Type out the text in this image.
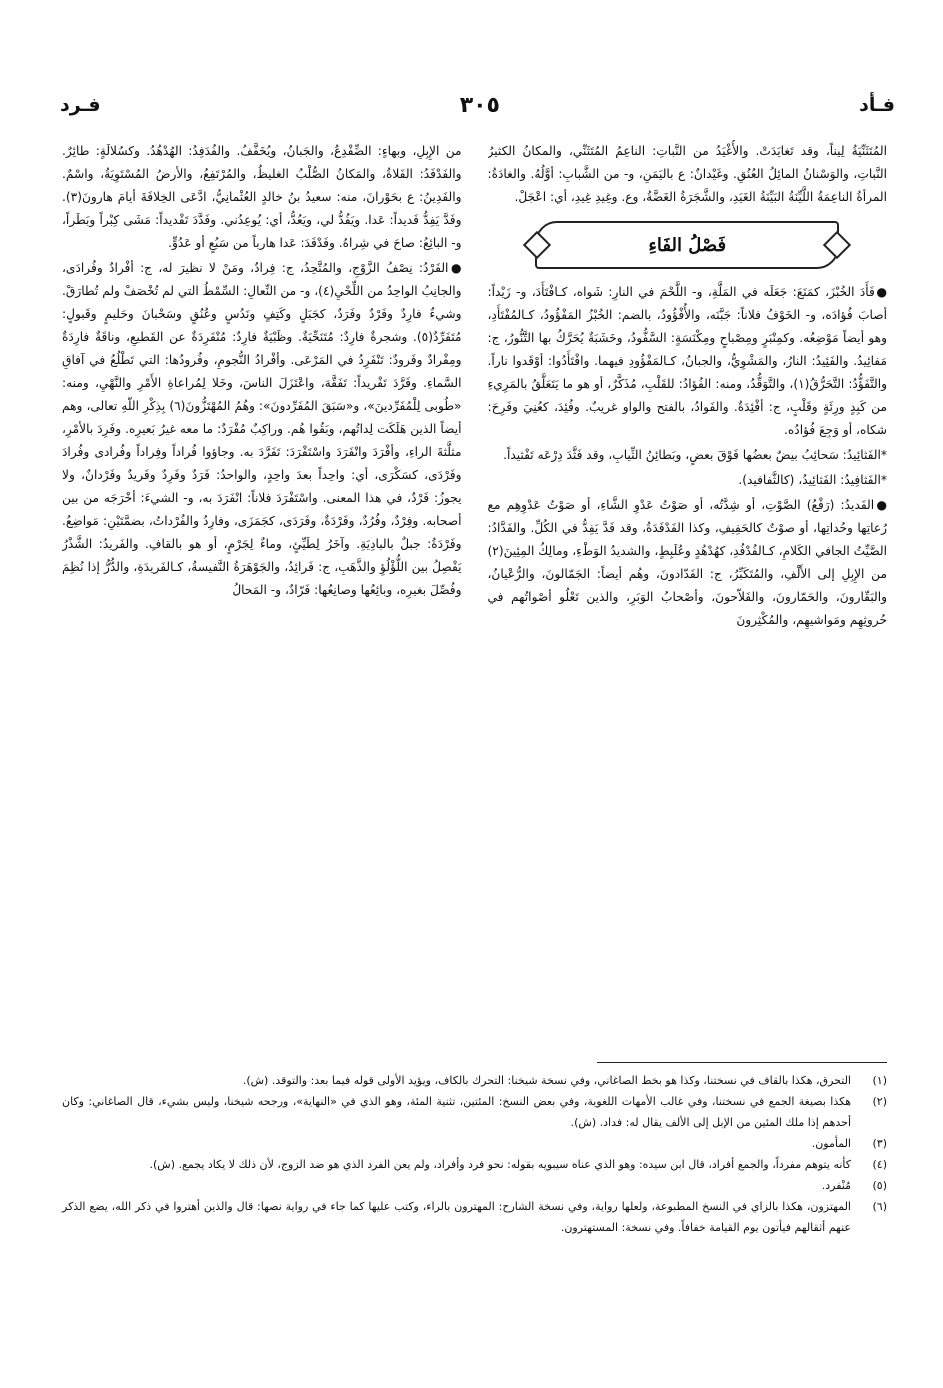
فـأد
٣٠٥
فـرد

المُتَثَنِّيَةُ لِيناً، وقد تَغايَدَتْ. والأُغْيَدُ من النَّباتِ: الناعِمُ المُتَثَنِّي، والمكانُ الكثيرُ النَّباتِ، والوَسْنانُ المائِلُ العُنُقِ. وغَيْدانٌ: ع باليَمَنِ، و- من الشَّبابِ: أوَّلُهُ. والغادَةُ: المرأةُ الناعِمَةُ اللَّيِّنَةُ البَيِّنَةُ الغَيَدِ، والشَّجَرَةُ الغَضَّةُ، وع. وغِيدِ غِيدِ، أي: اعْجَلْ.

فَصْلُ الفَاءِ

●فَأَدَ الخُبْزَ، كمَنَعَ: جَعَلَه في المَلَّةِ، و- اللَّحْمَ في النارِ: شَواه، كـافْتَأَدَ، و- زَيْداً: أصابَ فُؤادَه، و- الخَوْفُ فلاناً: جَبَّنَه، والأُفْؤُودُ، بالضم: الخُبْزُ المَفْؤُودُ، كـالمُفْتَأَدِ، وهو أيضاً مَوْضِعُه. وكمِنْبَرٍ ومِصْباحٍ ومِكْنَسَةٍ: السَّفُّودُ، وخَشَبَةٌ يُحَرَّكُ بها التَّنُّورُ، ج: مَفائِيدُ. والفَئِيدُ: النارُ، والمَشْوِيُّ، والجبانُ، كـالمَفْؤُودِ فيهما. وافْتَأَدُوا: أوْقَدوا ناراً. والتَّفَؤُّدُ: التَّحَرُّقُ(١)، والتَّوَقُّدُ، ومنه: الفُؤادُ: للقَلْبِ، مُذَكَّرٌ، أو هو ما يَتَعَلَّقُ بالمَرِيءِ من كَبِدٍ ورِئَةٍ وقَلْبٍ، ج: أفْئِدَةٌ. والفَوادُ، بالفتح والواو غريبٌ. وفُئِدَ، كعُنِيَ وفَرِحَ: شكاه، أو وَجِعَ فُؤادُه.

*الفَثائِيدُ: سَحائِبُ بيضٌ بعضُها فَوْقَ بعضٍ، وبَطائِنُ الثِّيابِ، وقد فَثَّدَ دِرْعَه تَفْثيداً.

*الفَثافِيدُ: الفَثائِيدُ، (كالثَّفافيد).

●الفَديدُ: (رَفْعُ) الصَّوْتِ، أو شِدَّتُه، أو صَوْتُ عَدْوِ الشَّاءِ، أو صَوْتُ عَدْوِهِم مع رُعاتِها وحُداتِها، أو صوْتٌ كالحَفِيفِ، وكذا الفَدْفَدَةُ، وقد فَدَّ يَفِدُّ في الكُلِّ. والفَدَّادُ: الصَّيِّتُ الجافي الكَلامِ، كـالفُدْفُدِ، كهُدْهُدٍ وعُلَبِطٍ، والشديدُ الوَطْءِ، ومالِكُ المِئِينَ(٢) من الإِبِلِ إلى الأَلْفِ، والمُتَكَبِّرُ، ج: الفَدّادونَ، وهُم أيضاً: الجَمّالونَ، والرُّعْيانُ، والبَقّارونَ، والحَمّارونَ، والفَلاّحونَ، وأصْحابُ الوَبَرِ، والذين تَعْلُو أصْواتُهم في حُروثِهِم ومَواشيهِم، والمُكْثِرونَ

من الإِبِلِ، وبهاءٍ: الضِّفْدِعُ، والجَبانُ، ويُخَفَّفُ. والفُدَفِدُ: الهُدْهُدُ. وكسُلالَةٍ: طائِرٌ. والفَدْفَدُ: الفَلاةُ، والمَكانُ الصُّلْبُ الغليظُ، والمُرْتَفِعُ، والأرضُ المُسْتَوِيَةُ، واسْمٌ. والفَدِينُ: ع بحَوْرانَ، منه: سعيدُ بنُ خالدٍ العُثْمانِيُّ، ادَّعَى الخِلافَةَ أيامَ هارونَ(٣). وفَدَّ يَفِدُّ فَديداً: عَدا. ويَفُدُّ لي، ويَعُدُّ، أي: يُوعِدُني. وفَدَّدَ تَفْديداً: مَشَى كِبْراً وبَطَراً، و- البائِعُ: صاحَ في شِراهُ. وفَدْفَدَ: عَدا هارباً من سَبُعٍ أو عَدُوٍّ.

●الفَرْدُ: نِصْفُ الزَّوْجِ، والمُتَّحِدُ، ج: فِرادٌ، ومَنْ لا نظيرَ له، ج: أفْرادٌ وفُرادَى، والجانِبُ الواحِدُ من اللِّحْيِ(٤)، و- من النِّعالِ: السِّمْطُ التي لم تُخْصَفْ ولم تُطارَقْ. وشيءٌ فارِدٌ وفَرْدٌ وفَرَدٌ، كجَبَلٍ وكَتِفٍ ونَدُسٍ وعُنُقٍ وسَحْبانَ وحَليمٍ وقَبولٍ: مُتَفَرِّدٌ(٥). وشجرةٌ فارِدٌ: مُتَنَحِّيَةٌ. وظَبْيَةٌ فارِدٌ: مُنْفَرِدَةٌ عن القَطيعِ، وناقَةٌ فارِدَةٌ ومِفْرادٌ وفَرودٌ: تَنْفَرِدُ في المَرْعَى. وأفْرادُ النُّجومِ، وفُرودُها: التي تَطْلُعُ في آفاقِ السَّماءِ. وفَرَّدَ تَفْريداً: تَفَقَّهَ، واعْتَزَلَ الناسَ، وخَلا لِمُراعاةِ الأَمْرِ والنَّهْيِ، ومنه: «طُوبى لِلْمُفَرِّدينَ»، و«سَبَقَ المُفَرِّدونَ»: وهُمُ المُهْتَزُّونَ(٦) بِذِكْرِ اللّهِ تعالى، وهم أيضاً الذين هَلَكَت لِداتُهم، وبَقُوا هُم. وراكِبٌ مُفْرَدٌ: ما معه غيرُ بَعيرِه. وفَرِدَ بالأمْرِ، مثلَّثةَ الراءِ، وأفْرَدَ وانْفَرَدَ واسْتَفْرَدَ: تَفَرَّدَ به. وجاؤوا فُراداً وفِراداً وفُرادى وفُرادَ وفَرْدَى، كسَكْرَى، أي: واحِداً بعدَ واحِدٍ، والواحدُ: فَرَدٌ وفَرِدٌ وفَريدٌ وفَرْدانٌ، ولا يجوزُ: فَرْدٌ، في هذا المعنى. واسْتَفْرَدَ فلاناً: انْفَرَدَ به، و- الشيءَ: أخْرَجَه من بين أصحابه. وفِرْدٌ، وفُرُدٌ، وفَرْدَةٌ، وفَرَدَى، كجَمَزَى، وفارِدُ والفُرْداتُ، بضمَّتَيْنِ: مَواضِعُ. وفَرْدَةُ: جبلٌ بالبادِيَةِ. وآخَرُ لِطَيِّئٍ، وماءٌ لِجَرْمٍ، أو هو بالقافِ. والفَريدُ: الشَّذْرُ يَفْصِلُ بين اللُّؤْلُؤِ والذَّهَبِ، ج: فَرائِدُ، والجَوْهَرَةُ النَّفيسةُ، كـالفَريدَةِ، والدُّرُّ إذا نُظِمَ وفُصِّلَ بغيرِه، وبائِعُها وصانِعُها: فَرّادٌ، و- المَحالُ

(١)
التحرق، هكذا بالقاف في نسختنا، وكذا هو بخط الصاغاني، وفي نسخة شيخنا: التحرك بالكاف، ويؤيد الأولى قوله فيما بعد: والتوقد. (ش).
(٢)
هكذا بصيغة الجمع في نسختنا، وفي غالب الأمهات اللغوية، وفي بعض النسخ: المئتين، تثنية المئة، وهو الذي في «النهاية»، ورجحه شيخنا، وليس بشيء، قال الصاغاني: وكان أحدهم إذا ملك المئين من الإبل إلى الألف يقال له: فداد. (ش).
(٣)
المأمون.
(٤)
كأنه يتوهم مفرداً، والجمع أفراد، قال ابن سيده: وهو الذي عناه سيبويه بقوله: نحو فرد وأفراد، ولم يعن الفرد الذي هو ضد الزوج، لأن ذلك لا يكاد يجمع. (ش).
(٥)
مُنْفرد.
(٦)
المهتزون، هكذا بالزاي في النسخ المطبوعة، ولعلها رواية، وفي نسخة الشارح: المهترون بالراء، وكتب عليها كما جاء في رواية نصها: قال والذين أهتروا في ذكر الله، يضع الذكر عنهم أثقالهم فيأتون يوم القيامة خفافاً. وفي نسخة: المستهترون.
